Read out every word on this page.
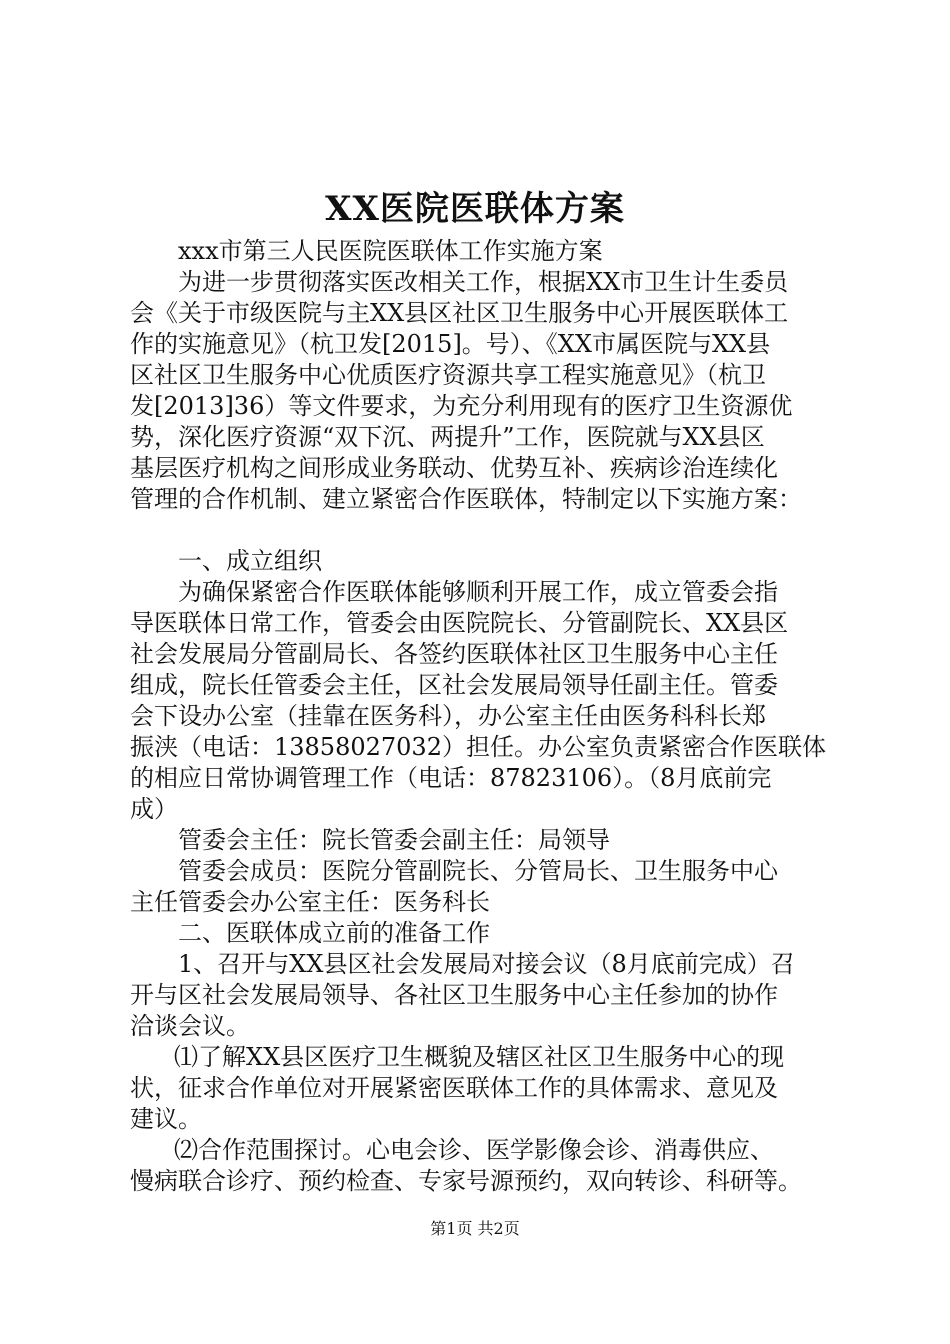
XX医院医联体方案
xxx市第三人民医院医联体工作实施方案
为进一步贯彻落实医改相关工作，根据XX市卫生计生委员
会《关于市级医院与主XX县区社区卫生服务中心开展医联体工
作的实施意见》（杭卫发[2015]。号）、《XX市属医院与XX县
区社区卫生服务中心优质医疗资源共享工程实施意见》（杭卫
发[2013]36）等文件要求，为充分利用现有的医疗卫生资源优
势，深化医疗资源“双下沉、两提升”工作，医院就与XX县区
基层医疗机构之间形成业务联动、优势互补、疾病诊治连续化
管理的合作机制、建立紧密合作医联体，特制定以下实施方案：
一、成立组织
为确保紧密合作医联体能够顺利开展工作，成立管委会指
导医联体日常工作，管委会由医院院长、分管副院长、XX县区
社会发展局分管副局长、各签约医联体社区卫生服务中心主任
组成，院长任管委会主任，区社会发展局领导任副主任。管委
会下设办公室（挂靠在医务科），办公室主任由医务科科长郑
振浃（电话：13858027032）担任。办公室负责紧密合作医联体
的相应日常协调管理工作（电话：87823106）。（8月底前完
成）
管委会主任：院长管委会副主任：局领导
管委会成员：医院分管副院长、分管局长、卫生服务中心
主任管委会办公室主任：医务科长
二、医联体成立前的准备工作
1、召开与XX县区社会发展局对接会议（8月底前完成）召
开与区社会发展局领导、各社区卫生服务中心主任参加的协作
洽谈会议。
⑴了解XX县区医疗卫生概貌及辖区社区卫生服务中心的现
状，征求合作单位对开展紧密医联体工作的具体需求、意见及
建议。
⑵合作范围探讨。心电会诊、医学影像会诊、消毒供应、
慢病联合诊疗、预约检查、专家号源预约，双向转诊、科研等。
第1页 共2页
